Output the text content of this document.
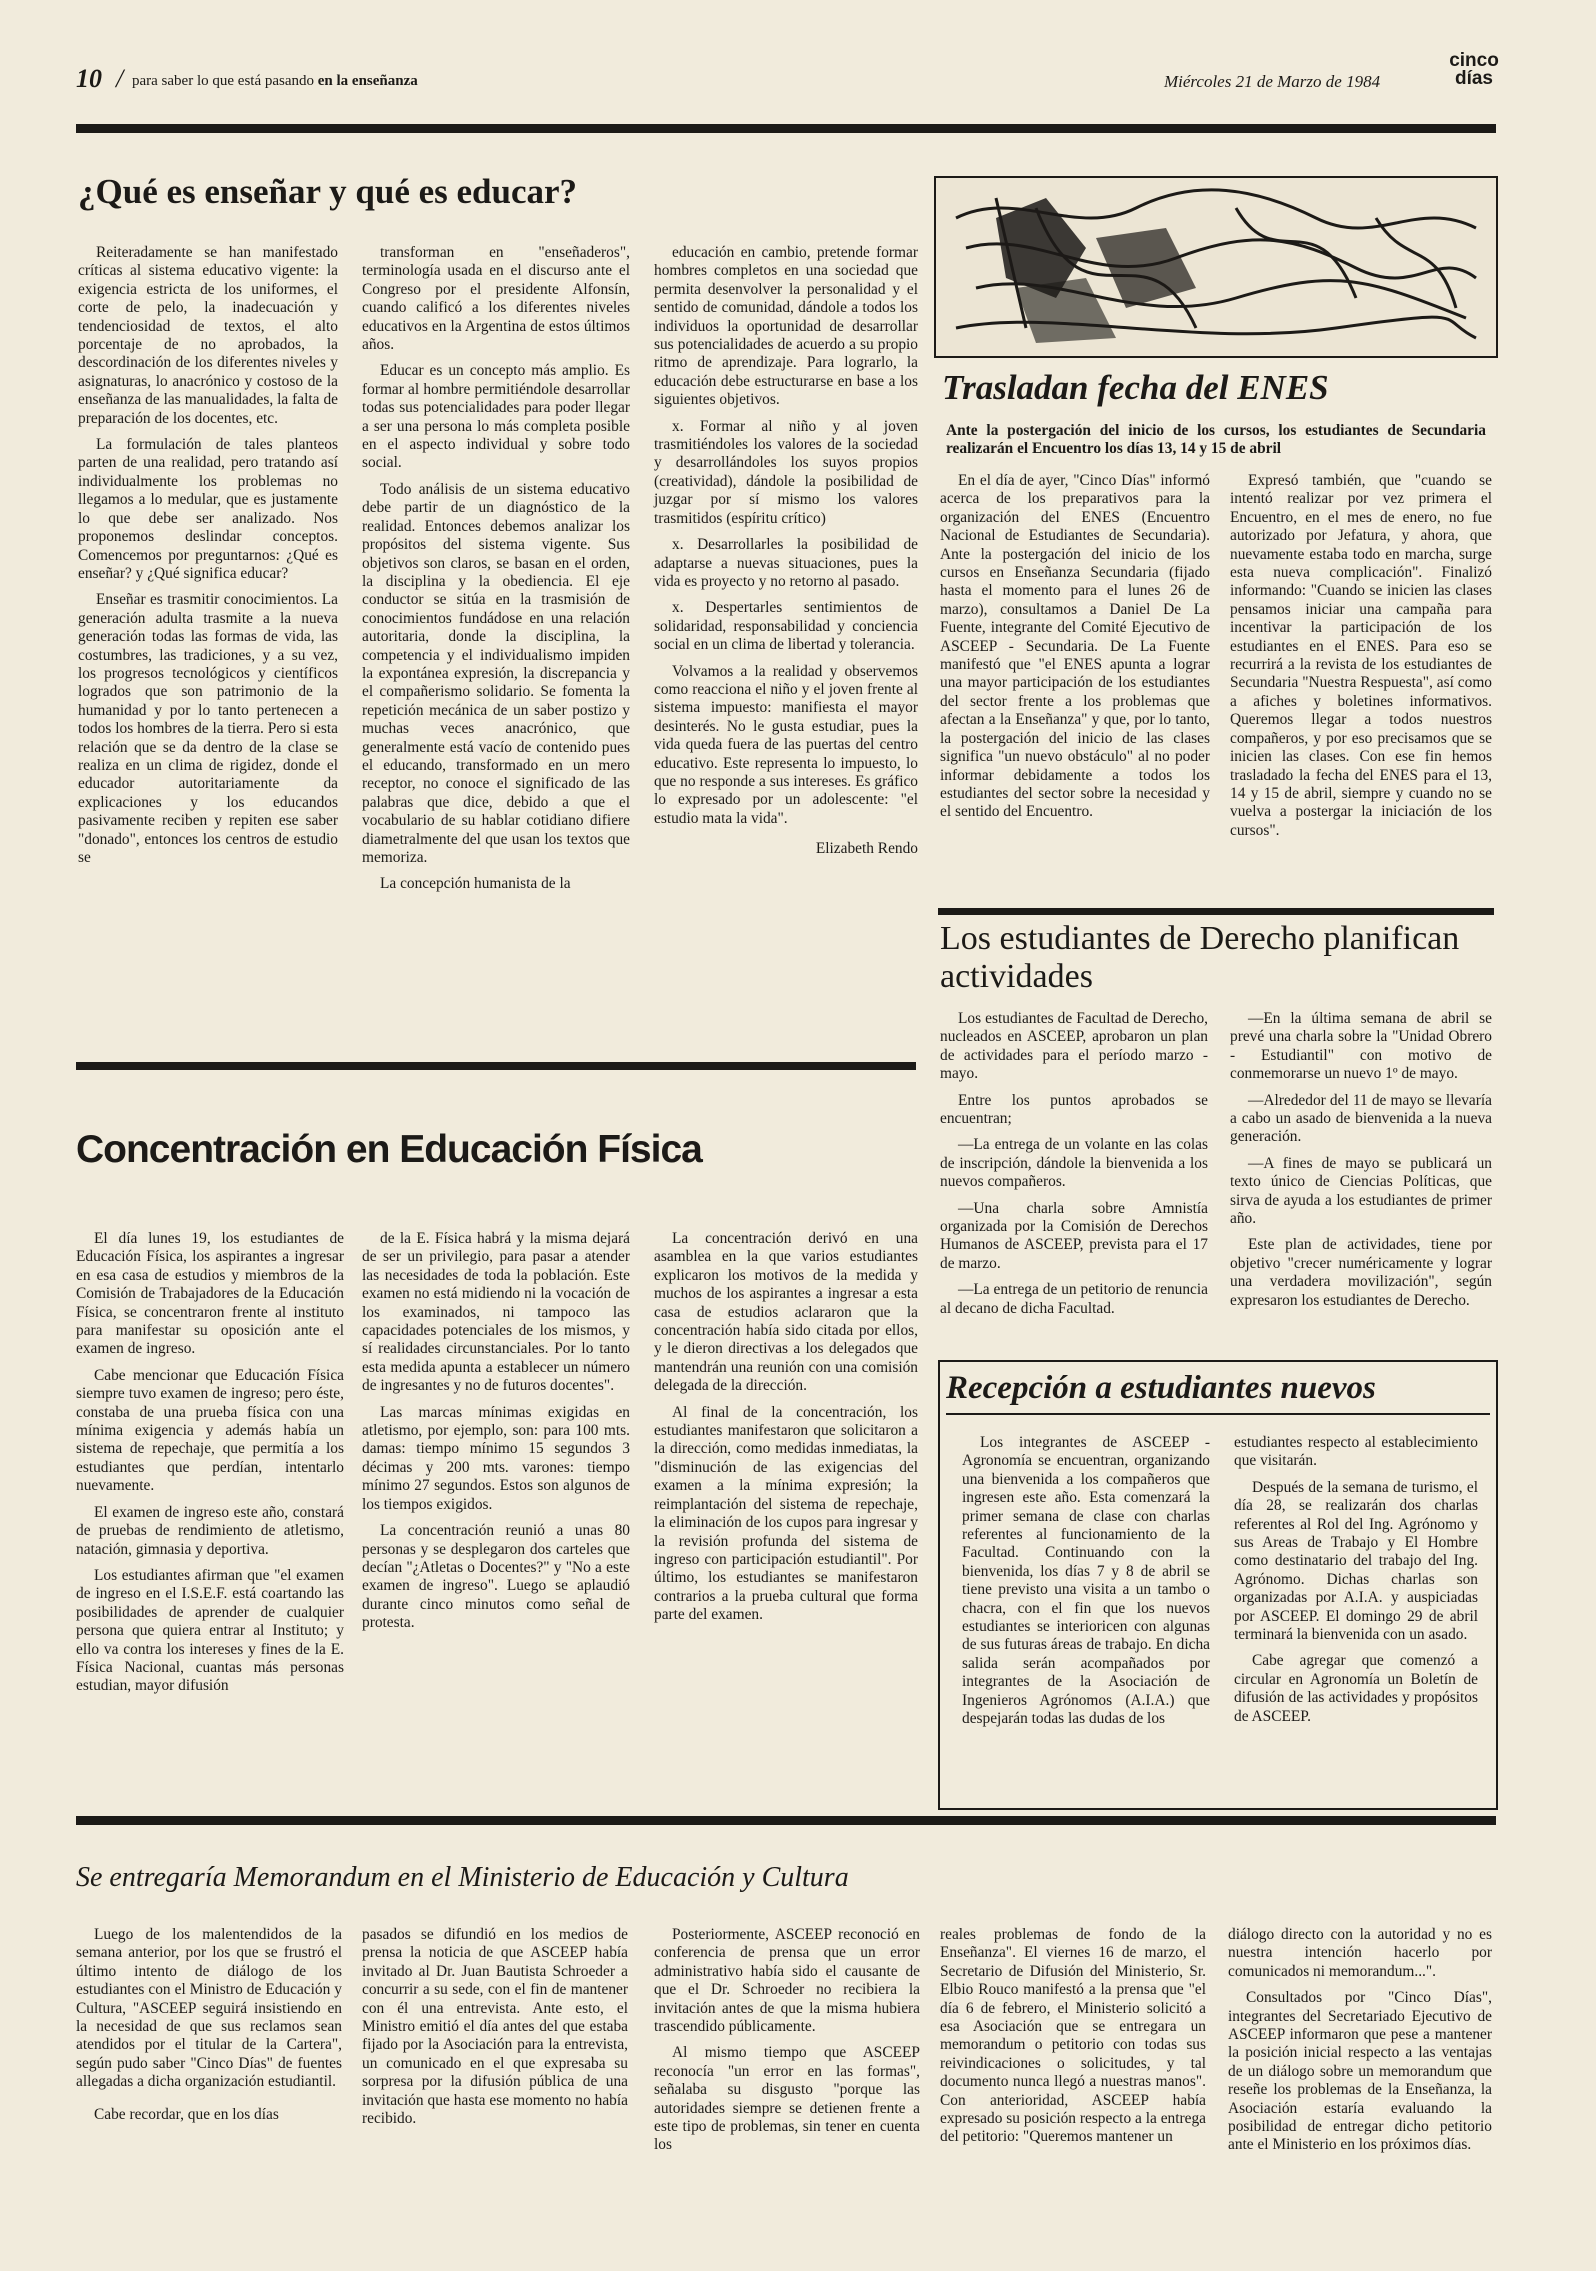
10 / para saber lo que está pasando en la enseñanza	Miércoles 21 de Marzo de 1984
cinco
días
¿Qué es enseñar y qué es educar?

Reiteradamente se han manifestado críticas al sistema educativo vigente: la exigencia estricta de los uniformes, el corte de pelo, la inadecuación y tendenciosidad de textos, el alto porcentaje de no aprobados, la descordinación de los diferentes niveles y asignaturas, lo anacrónico y costoso de la enseñanza de las manualidades, la falta de preparación de los docentes, etc.

La formulación de tales planteos parten de una realidad, pero tratando así individualmente los problemas no llegamos a lo medular, que es justamente lo que debe ser analizado. Nos proponemos deslindar conceptos. Comencemos por preguntarnos: ¿Qué es enseñar? y ¿Qué significa educar?

Enseñar es trasmitir conocimientos. La generación adulta trasmite a la nueva generación todas las formas de vida, las costumbres, las tradiciones, y a su vez, los progresos tecnológicos y científicos logrados que son patrimonio de la humanidad y por lo tanto pertenecen a todos los hombres de la tierra. Pero si esta relación que se da dentro de la clase se realiza en un clima de rigidez, donde el educador autoritariamente da explicaciones y los educandos pasivamente reciben y repiten ese saber "donado", entonces los centros de estudio se

transforman en "enseñaderos", terminología usada en el discurso ante el Congreso por el presidente Alfonsín, cuando calificó a los diferentes niveles educativos en la Argentina de estos últimos años.

Educar es un concepto más amplio. Es formar al hombre permitiéndole desarrollar todas sus potencialidades para poder llegar a ser una persona lo más completa posible en el aspecto individual y sobre todo social.

Todo análisis de un sistema educativo debe partir de un diagnóstico de la realidad. Entonces debemos analizar los propósitos del sistema vigente. Sus objetivos son claros, se basan en el orden, la disciplina y la obediencia. El eje conductor se sitúa en la trasmisión de conocimientos fundádose en una relación autoritaria, donde la disciplina, la competencia y el individualismo impiden la expontánea expresión, la discrepancia y el compañerismo solidario. Se fomenta la repetición mecánica de un saber postizo y muchas veces anacrónico, que generalmente está vacío de contenido pues el educando, transformado en un mero receptor, no conoce el significado de las palabras que dice, debido a que el vocabulario de su hablar cotidiano difiere diametralmente del que usan los textos que memoriza.

La concepción humanista de la

educación en cambio, pretende formar hombres completos en una sociedad que permita desenvolver la personalidad y el sentido de comunidad, dándole a todos los individuos la oportunidad de desarrollar sus potencialidades de acuerdo a su propio ritmo de aprendizaje. Para lograrlo, la educación debe estructurarse en base a los siguientes objetivos.

x. Formar al niño y al joven trasmitiéndoles los valores de la sociedad y desarrollándoles los suyos propios (creatividad), dándole la posibilidad de juzgar por sí mismo los valores trasmitidos (espíritu crítico)

x. Desarrollarles la posibilidad de adaptarse a nuevas situaciones, pues la vida es proyecto y no retorno al pasado.

x. Despertarles sentimientos de solidaridad, responsabilidad y conciencia social en un clima de libertad y tolerancia.

Volvamos a la realidad y observemos como reacciona el niño y el joven frente al sistema impuesto: manifiesta el mayor desinterés. No le gusta estudiar, pues la vida queda fuera de las puertas del centro educativo. Este representa lo impuesto, lo que no responde a sus intereses. Es gráfico lo expresado por un adolescente: "el estudio mata la vida".

Elizabeth Rendo

Trasladan fecha del ENES
Ante la postergación del inicio de los cursos, los estudiantes de Secundaria realizarán el Encuentro los días 13, 14 y 15 de abril

En el día de ayer, "Cinco Días" informó acerca de los preparativos para la organización del ENES (Encuentro Nacional de Estudiantes de Secundaria). Ante la postergación del inicio de los cursos en Enseñanza Secundaria (fijado hasta el momento para el lunes 26 de marzo), consultamos a Daniel De La Fuente, integrante del Comité Ejecutivo de ASCEEP - Secundaria. De La Fuente manifestó que "el ENES apunta a lograr una mayor participación de los estudiantes del sector frente a los problemas que afectan a la Enseñanza" y que, por lo tanto, la postergación del inicio de las clases significa "un nuevo obstáculo" al no poder informar debidamente a todos los estudiantes del sector sobre la necesidad y el sentido del Encuentro.

Expresó también, que "cuando se intentó realizar por vez primera el Encuentro, en el mes de enero, no fue autorizado por Jefatura, y ahora, que nuevamente estaba todo en marcha, surge esta nueva complicación". Finalizó informando: "Cuando se inicien las clases pensamos iniciar una campaña para incentivar la participación de los estudiantes en el ENES. Para eso se recurrirá a la revista de los estudiantes de Secundaria "Nuestra Respuesta", así como a afiches y boletines informativos. Queremos llegar a todos nuestros compañeros, y por eso precisamos que se inicien las clases. Con ese fin hemos trasladado la fecha del ENES para el 13, 14 y 15 de abril, siempre y cuando no se vuelva a postergar la iniciación de los cursos".

Los estudiantes de Derecho planifican actividades

Los estudiantes de Facultad de Derecho, nucleados en ASCEEP, aprobaron un plan de actividades para el período marzo - mayo.

Entre los puntos aprobados se encuentran;

—La entrega de un volante en las colas de inscripción, dándole la bienvenida a los nuevos compañeros.

—Una charla sobre Amnistía organizada por la Comisión de Derechos Humanos de ASCEEP, prevista para el 17 de marzo.

—La entrega de un petitorio de renuncia al decano de dicha Facultad.

—En la última semana de abril se prevé una charla sobre la "Unidad Obrero - Estudiantil" con motivo de conmemorarse un nuevo 1º de mayo.

—Alrededor del 11 de mayo se llevaría a cabo un asado de bienvenida a la nueva generación.

—A fines de mayo se publicará un texto único de Ciencias Políticas, que sirva de ayuda a los estudiantes de primer año.

Este plan de actividades, tiene por objetivo "crecer numéricamente y lograr una verdadera movilización", según expresaron los estudiantes de Derecho.

Concentración en Educación Física

El día lunes 19, los estudiantes de Educación Física, los aspirantes a ingresar en esa casa de estudios y miembros de la Comisión de Trabajadores de la Educación Física, se concentraron frente al instituto para manifestar su oposición ante el examen de ingreso.

Cabe mencionar que Educación Física siempre tuvo examen de ingreso; pero éste, constaba de una prueba física con una mínima exigencia y además había un sistema de repechaje, que permitía a los estudiantes que perdían, intentarlo nuevamente.

El examen de ingreso este año, constará de pruebas de rendimiento de atletismo, natación, gimnasia y deportiva.

Los estudiantes afirman que "el examen de ingreso en el I.S.E.F. está coartando las posibilidades de aprender de cualquier persona que quiera entrar al Instituto; y ello va contra los intereses y fines de la E. Física Nacional, cuantas más personas estudian, mayor difusión

de la E. Física habrá y la misma dejará de ser un privilegio, para pasar a atender las necesidades de toda la población. Este examen no está midiendo ni la vocación de los examinados, ni tampoco las capacidades potenciales de los mismos, y sí realidades circunstanciales. Por lo tanto esta medida apunta a establecer un número de ingresantes y no de futuros docentes".

Las marcas mínimas exigidas en atletismo, por ejemplo, son: para 100 mts. damas: tiempo mínimo 15 segundos 3 décimas y 200 mts. varones: tiempo mínimo 27 segundos. Estos son algunos de los tiempos exigidos.

La concentración reunió a unas 80 personas y se desplegaron dos carteles que decían "¿Atletas o Docentes?" y "No a este examen de ingreso". Luego se aplaudió durante cinco minutos como señal de protesta.

La concentración derivó en una asamblea en la que varios estudiantes explicaron los motivos de la medida y muchos de los aspirantes a ingresar a esta casa de estudios aclararon que la concentración había sido citada por ellos, y le dieron directivas a los delegados que mantendrán una reunión con una comisión delegada de la dirección.

Al final de la concentración, los estudiantes manifestaron que solicitaron a la dirección, como medidas inmediatas, la "disminución de las exigencias del examen a la mínima expresión; la reimplantación del sistema de repechaje, la eliminación de los cupos para ingresar y la revisión profunda del sistema de ingreso con participación estudiantil". Por último, los estudiantes se manifestaron contrarios a la prueba cultural que forma parte del examen.

Recepción a estudiantes nuevos

Los integrantes de ASCEEP - Agronomía se encuentran, organizando una bienvenida a los compañeros que ingresen este año. Esta comenzará la primer semana de clase con charlas referentes al funcionamiento de la Facultad. Continuando con la bienvenida, los días 7 y 8 de abril se tiene previsto una visita a un tambo o chacra, con el fin que los nuevos estudiantes se interioricen con algunas de sus futuras áreas de trabajo. En dicha salida serán acompañados por integrantes de la Asociación de Ingenieros Agrónomos (A.I.A.) que despejarán todas las dudas de los

estudiantes respecto al establecimiento que visitarán.

Después de la semana de turismo, el día 28, se realizarán dos charlas referentes al Rol del Ing. Agrónomo y sus Areas de Trabajo y El Hombre como destinatario del trabajo del Ing. Agrónomo. Dichas charlas son organizadas por A.I.A. y auspiciadas por ASCEEP. El domingo 29 de abril terminará la bienvenida con un asado.

Cabe agregar que comenzó a circular en Agronomía un Boletín de difusión de las actividades y propósitos de ASCEEP.

Se entregaría Memorandum en el Ministerio de Educación y Cultura

Luego de los malentendidos de la semana anterior, por los que se frustró el último intento de diálogo de los estudiantes con el Ministro de Educación y Cultura, "ASCEEP seguirá insistiendo en la necesidad de que sus reclamos sean atendidos por el titular de la Cartera", según pudo saber "Cinco Días" de fuentes allegadas a dicha organización estudiantil.

Cabe recordar, que en los días

pasados se difundió en los medios de prensa la noticia de que ASCEEP había invitado al Dr. Juan Bautista Schroeder a concurrir a su sede, con el fin de mantener con él una entrevista. Ante esto, el Ministro emitió el día antes del que estaba fijado por la Asociación para la entrevista, un comunicado en el que expresaba su sorpresa por la difusión pública de una invitación que hasta ese momento no había recibido.

Posteriormente, ASCEEP reconoció en conferencia de prensa que un error administrativo había sido el causante de que el Dr. Schroeder no recibiera la invitación antes de que la misma hubiera trascendido públicamente.

Al mismo tiempo que ASCEEP reconocía "un error en las formas", señalaba su disgusto "porque las autoridades siempre se detienen frente a este tipo de problemas, sin tener en cuenta los

reales problemas de fondo de la Enseñanza". El viernes 16 de marzo, el Secretario de Difusión del Ministerio, Sr. Elbio Rouco manifestó a la prensa que "el día 6 de febrero, el Ministerio solicitó a esa Asociación que se entregara un memorandum o petitorio con todas sus reivindicaciones o solicitudes, y tal documento nunca llegó a nuestras manos". Con anterioridad, ASCEEP había expresado su posición respecto a la entrega del petitorio: "Queremos mantener un

diálogo directo con la autoridad y no es nuestra intención hacerlo por comunicados ni memorandum...".

Consultados por "Cinco Días", integrantes del Secretariado Ejecutivo de ASCEEP informaron que pese a mantener la posición inicial respecto a las ventajas de un diálogo sobre un memorandum que reseñe los problemas de la Enseñanza, la Asociación estaría evaluando la posibilidad de entregar dicho petitorio ante el Ministerio en los próximos días.
